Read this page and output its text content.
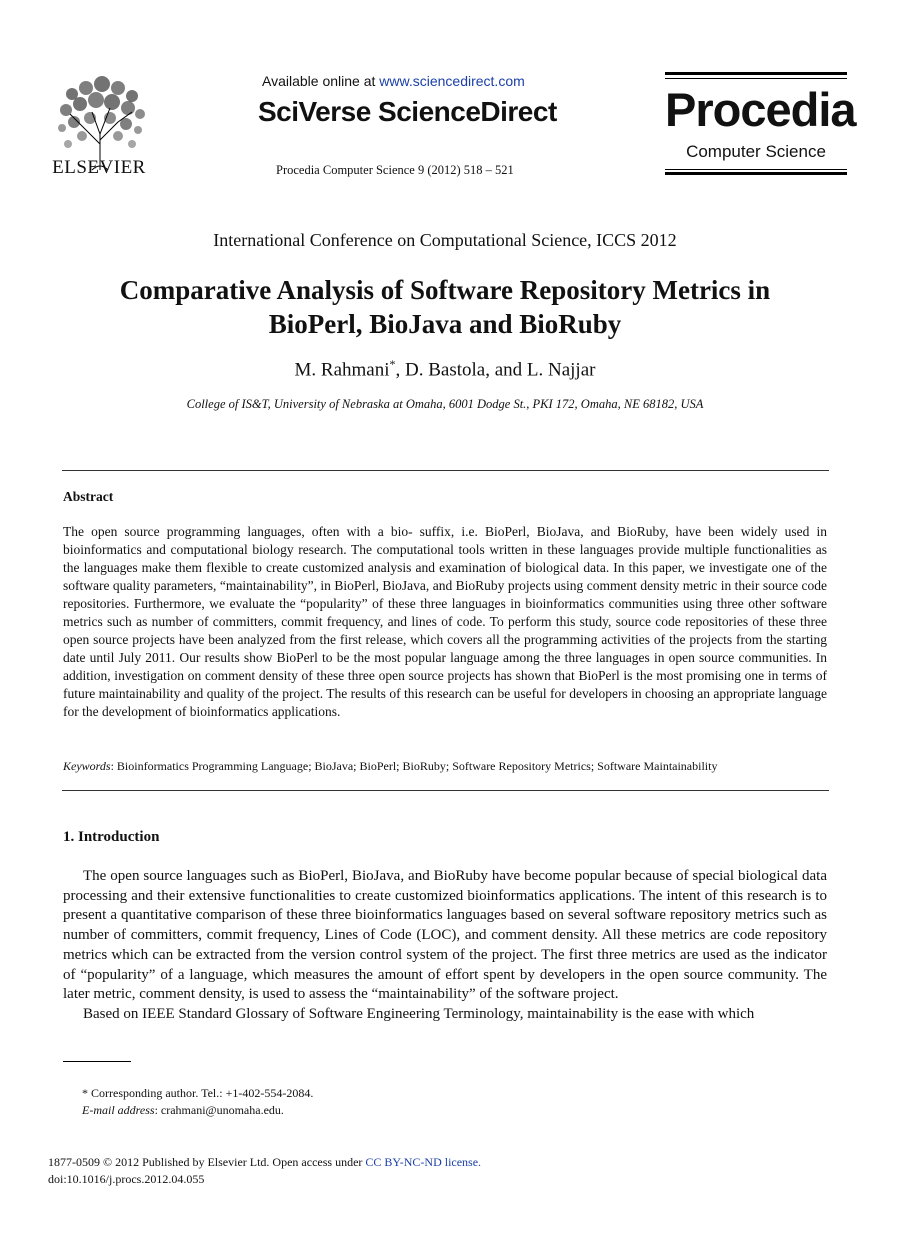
ELSEVIER
Available online at www.sciencedirect.com
SciVerse ScienceDirect
Procedia Computer Science 9 (2012) 518 – 521
Procedia
Computer Science
International Conference on Computational Science, ICCS 2012
Comparative Analysis of Software Repository Metrics in
BioPerl, BioJava and BioRuby
M. Rahmani*, D. Bastola, and L. Najjar
College of IS&T, University of Nebraska at Omaha, 6001 Dodge St., PKI 172, Omaha, NE 68182, USA
Abstract
The open source programming languages, often with a bio- suffix, i.e. BioPerl, BioJava, and BioRuby, have been widely used in bioinformatics and computational biology research. The computational tools written in these languages provide multiple functionalities as the languages make them flexible to create customized analysis and examination of biological data. In this paper, we investigate one of the software quality parameters, “maintainability”, in BioPerl, BioJava, and BioRuby projects using comment density metric in their source code repositories. Furthermore, we evaluate the “popularity” of these three languages in bioinformatics communities using three other software metrics such as number of committers, commit frequency, and lines of code. To perform this study, source code repositories of these three open source projects have been analyzed from the first release, which covers all the programming activities of the projects from the starting date until July 2011. Our results show BioPerl to be the most popular language among the three languages in open source communities. In addition, investigation on comment density of these three open source projects has shown that BioPerl is the most promising one in terms of future maintainability and quality of the project. The results of this research can be useful for developers in choosing an appropriate language for the development of bioinformatics applications.
Keywords: Bioinformatics Programming Language; BioJava; BioPerl; BioRuby; Software Repository Metrics; Software Maintainability
1. Introduction

The open source languages such as BioPerl, BioJava, and BioRuby have become popular because of special biological data processing and their extensive functionalities to create customized bioinformatics applications. The intent of this research is to present a quantitative comparison of these three bioinformatics languages based on several software repository metrics such as number of committers, commit frequency, Lines of Code (LOC), and comment density. All these metrics are code repository metrics which can be extracted from the version control system of the project. The first three metrics are used as the indicator of “popularity” of a language, which measures the amount of effort spent by developers in the open source community. The later metric, comment density, is used to assess the “maintainability” of the software project.

Based on IEEE Standard Glossary of Software Engineering Terminology, maintainability is the ease with which

* Corresponding author. Tel.: +1-402-554-2084.
E-mail address: crahmani@unomaha.edu.
1877-0509 © 2012 Published by Elsevier Ltd. Open access under CC BY-NC-ND license.
doi:10.1016/j.procs.2012.04.055
